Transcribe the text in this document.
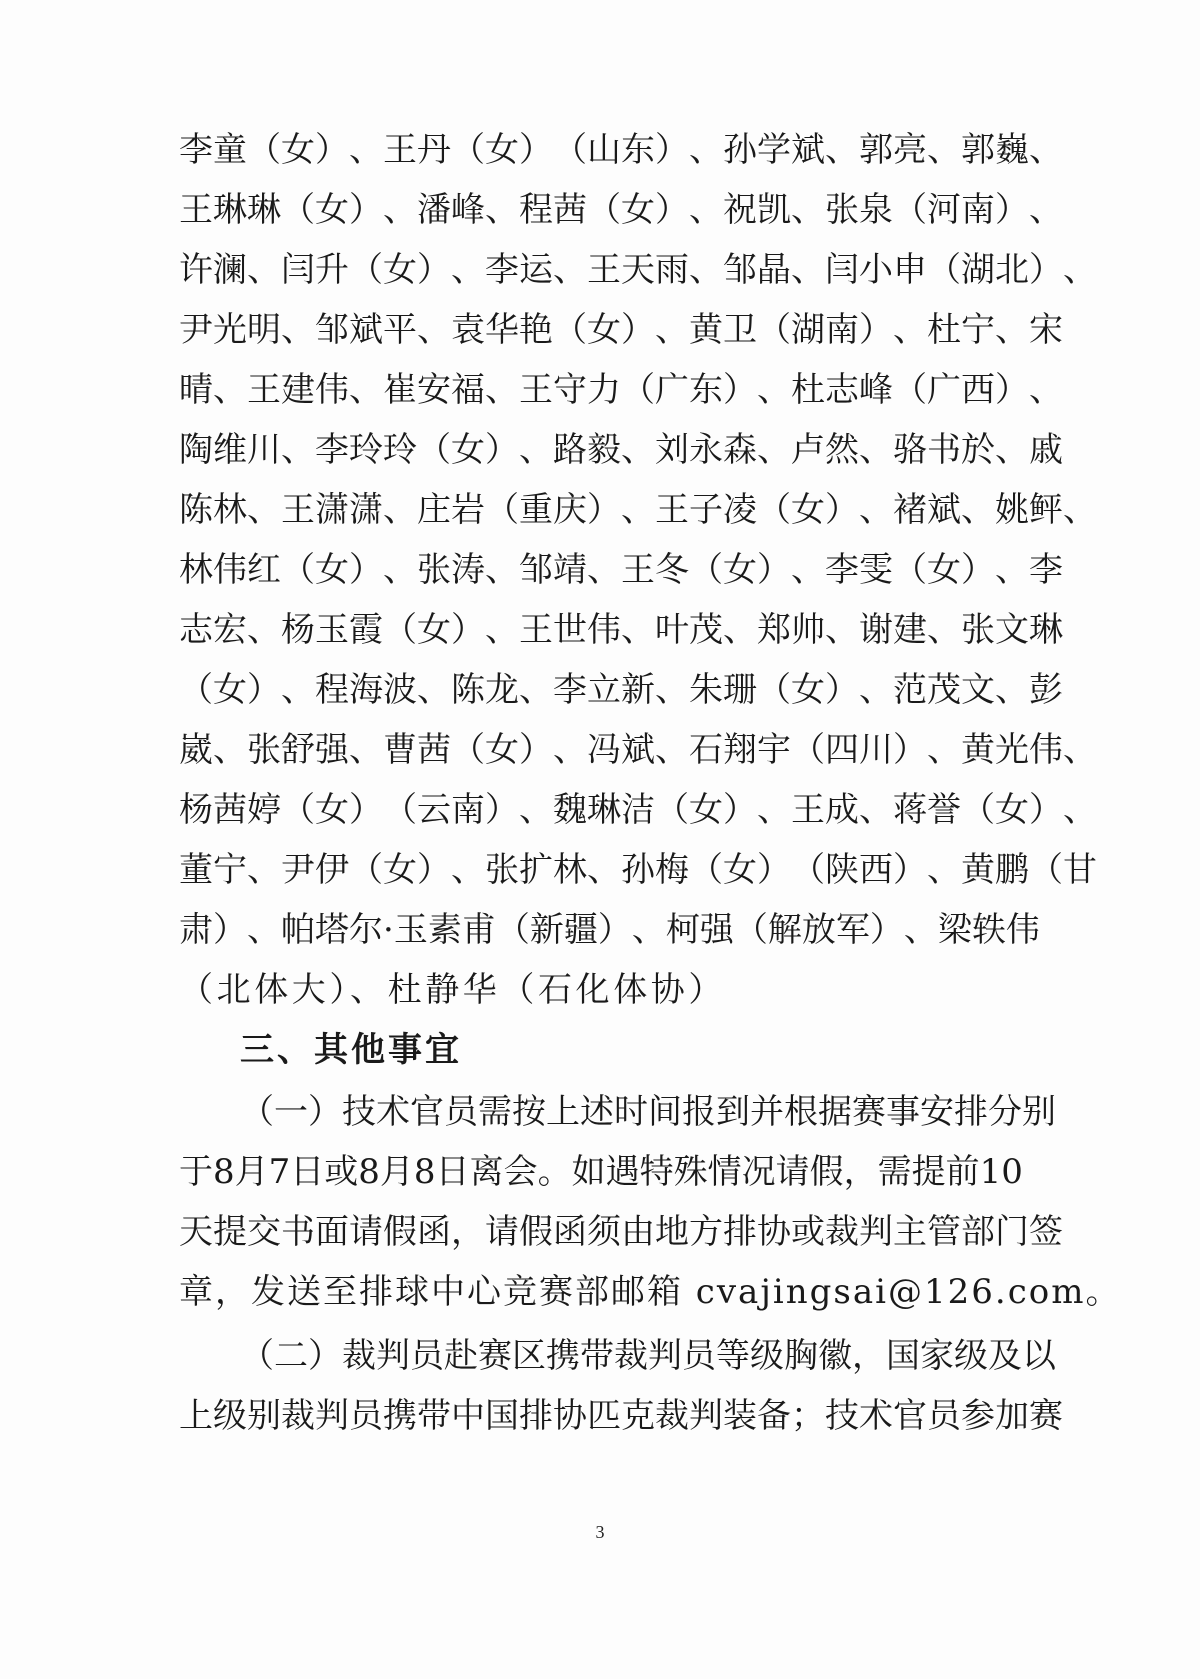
李 童 （ 女 ） 、 王 丹 （ 女 ） （ 山 东 ） 、 孙 学 斌 、 郭 亮 、 郭 巍 、
王 琳 琳 （ 女 ） 、 潘 峰 、 程 茜 （ 女 ） 、 祝 凯 、 张 泉 （ 河 南 ） 、
许 澜 、 闫 升 （ 女 ） 、 李 运 、 王 天 雨 、 邹 晶 、 闫 小 申 （ 湖 北 ） 、
尹 光 明 、 邹 斌 平 、 袁 华 艳 （ 女 ） 、 黄 卫 （ 湖 南 ） 、 杜 宁 、 宋
晴 、 王 建 伟 、 崔 安 福 、 王 守 力 （ 广 东 ） 、 杜 志 峰 （ 广 西 ） 、
陶 维 川 、 李 玲 玲 （ 女 ） 、 路 毅 、 刘 永 森 、 卢 然 、 骆 书 於 、 戚
陈 林 、 王 潇 潇 、 庄 岩 （ 重 庆 ） 、 王 子 凌 （ 女 ） 、 褚 斌 、 姚 鲆 、
林 伟 红 （ 女 ） 、 张 涛 、 邹 靖 、 王 冬 （ 女 ） 、 李 雯 （ 女 ） 、 李
志 宏 、 杨 玉 霞 （ 女 ） 、 王 世 伟 、 叶 茂 、 郑 帅 、 谢 建 、 张 文 琳
（ 女 ） 、 程 海 波 、 陈 龙 、 李 立 新 、 朱 珊 （ 女 ） 、 范 茂 文 、 彭
崴 、 张 舒 强 、 曹 茜 （ 女 ） 、 冯 斌 、 石 翔 宇 （ 四 川 ） 、 黄 光 伟 、
杨 茜 婷 （ 女 ） （ 云 南 ） 、 魏 琳 洁 （ 女 ） 、 王 成 、 蒋 誉 （ 女 ） 、
董 宁 、 尹 伊 （ 女 ） 、 张 扩 林 、 孙 梅 （ 女 ） （ 陕 西 ） 、 黄 鹏 （ 甘
肃 ） 、 帕 塔 尔 · 玉 素 甫 （ 新 疆 ） 、 柯 强 （ 解 放 军 ） 、 梁 轶 伟
（北体大）、杜静华（石化体协）
三、其他事宜
（ 一 ） 技 术 官 员 需 按 上 述 时 间 报 到 并 根 据 赛 事 安 排 分 别
于 8 月 7 日 或 8 月 8 日 离 会 。 如 遇 特 殊 情 况 请 假 ， 需 提 前 10
天 提 交 书 面 请 假 函 ， 请 假 函 须 由 地 方 排 协 或 裁 判 主 管 部 门 签
章，发送至排球中心竞赛部邮箱 cvajingsai@126.com。
（ 二 ） 裁 判 员 赴 赛 区 携 带 裁 判 员 等 级 胸 徽 ， 国 家 级 及 以
上 级 别 裁 判 员 携 带 中 国 排 协 匹 克 裁 判 装 备 ； 技 术 官 员 参 加 赛
3
